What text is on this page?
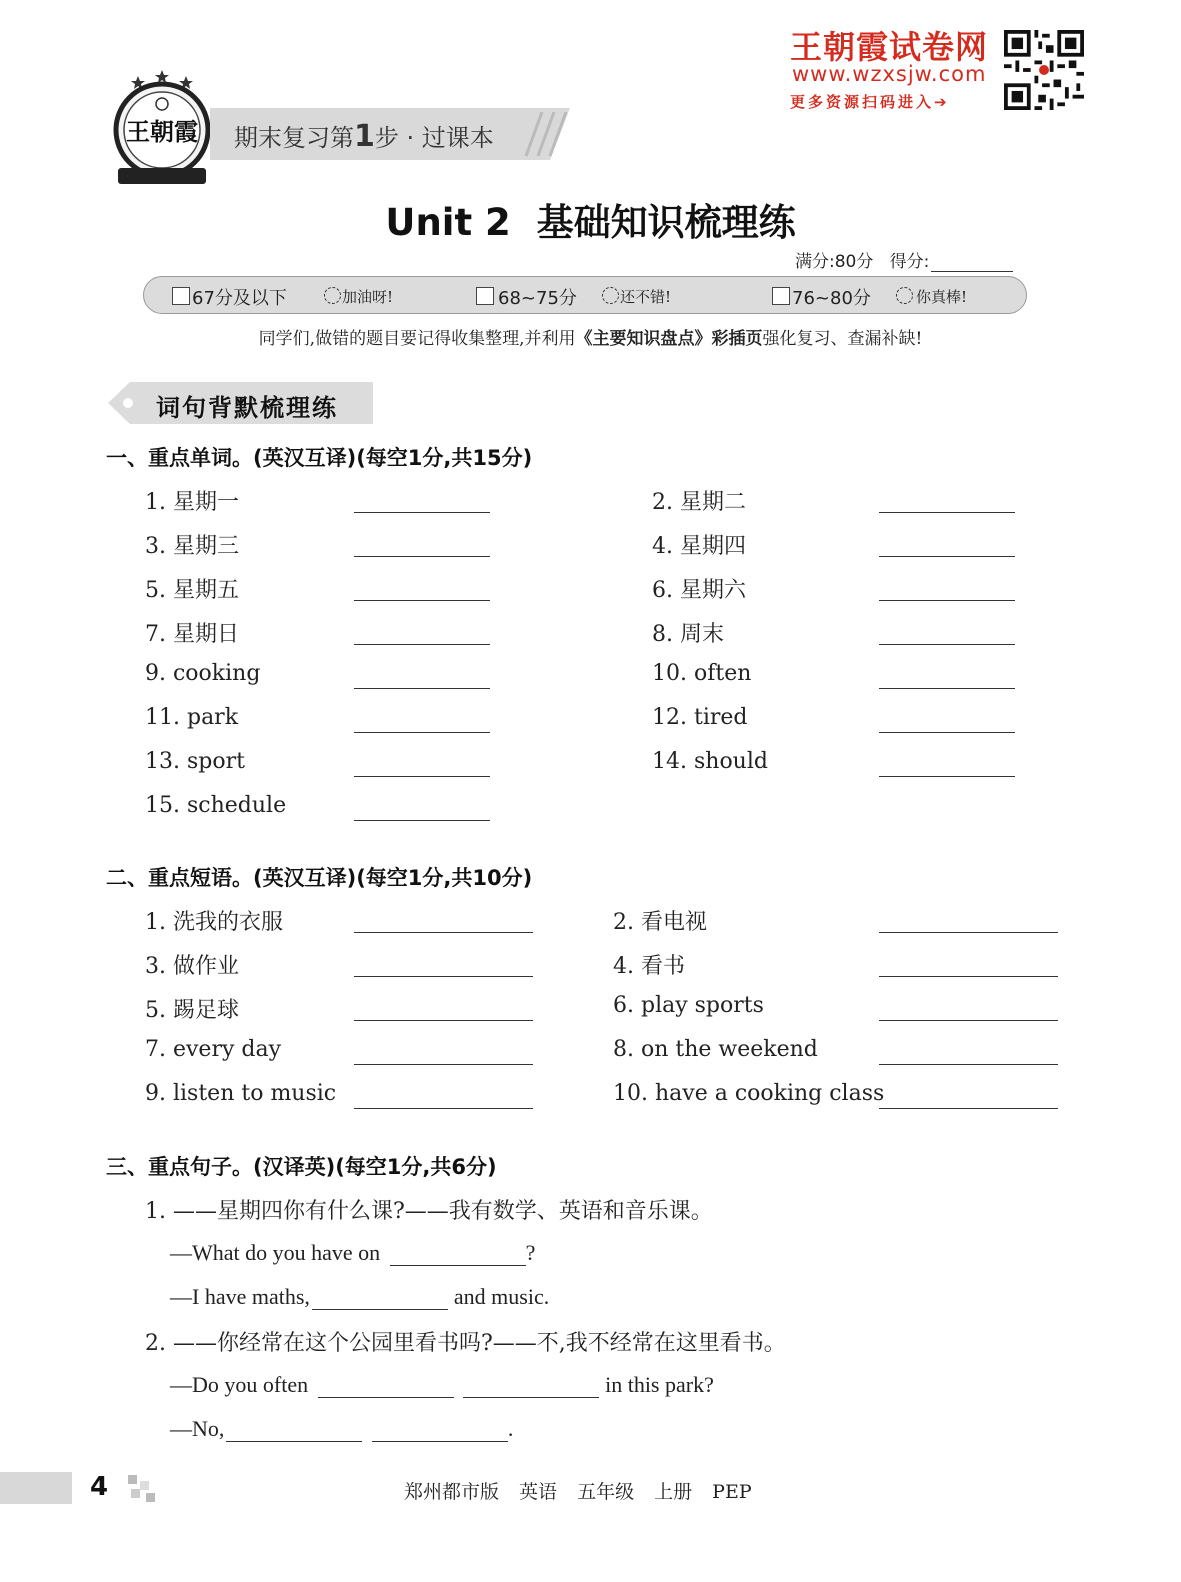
王朝霞试卷网
www.wzxsjw.com
更多资源扫码进入➔
王朝霞 期末复习第1步 · 过课本
Unit 2  基础知识梳理练
满分:80分 得分:
67分及以下	加油呀!	68~75分	还不错!	76~80分	你真棒!
同学们,做错的题目要记得收集整理,并利用《主要知识盘点》彩插页强化复习、查漏补缺!
词句背默梳理练
一、重点单词。(英汉互译)(每空1分,共15分)
1. 星期一	2. 星期二
3. 星期三	4. 星期四
5. 星期五	6. 星期六
7. 星期日	8. 周末
9. cooking	10. often
11. park	12. tired
13. sport	14. should
15. schedule
二、重点短语。(英汉互译)(每空1分,共10分)
1. 洗我的衣服	2. 看电视
3. 做作业	4. 看书
5. 踢足球	6. play sports
7. every day	8. on the weekend
9. listen to music	10. have a cooking class
三、重点句子。(汉译英)(每空1分,共6分)
1. ——星期四你有什么课?——我有数学、英语和音乐课。
—What do you have on	?
—I have maths,	and music.
2. ——你经常在这个公园里看书吗?——不,我不经常在这里看书。
—Do you often	in this park?
—No,	.
4	郑州都市版 英语 五年级 上册 PEP
